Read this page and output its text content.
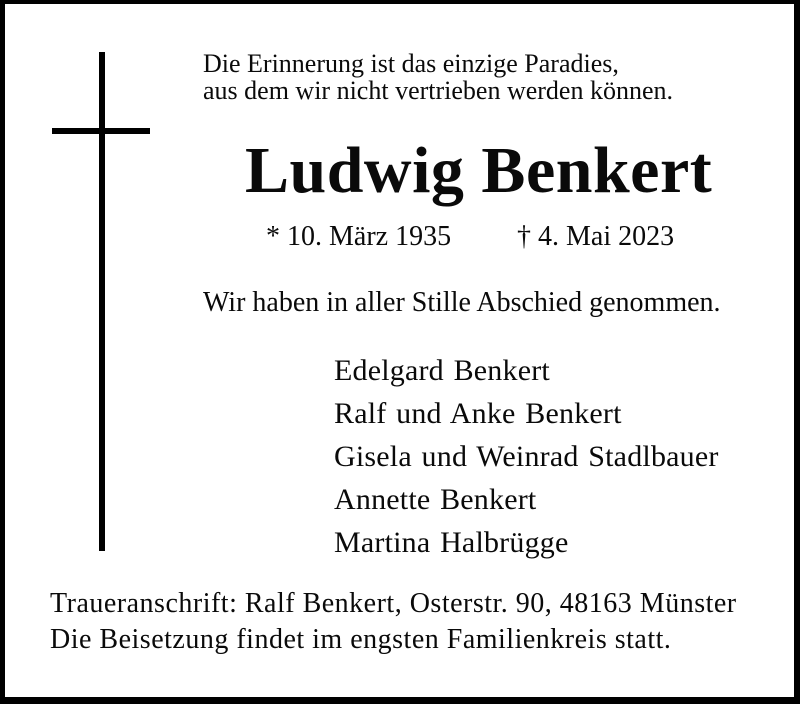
Die Erinnerung ist das einzige Paradies,
aus dem wir nicht vertrieben werden können.
Ludwig Benkert
* 10. März 1935 † 4. Mai 2023
Wir haben in aller Stille Abschied genommen.
Edelgard Benkert
Ralf und Anke Benkert
Gisela und Weinrad Stadlbauer
Annette Benkert
Martina Halbrügge
Traueranschrift: Ralf Benkert, Osterstr. 90, 48163 Münster
Die Beisetzung findet im engsten Familienkreis statt.
